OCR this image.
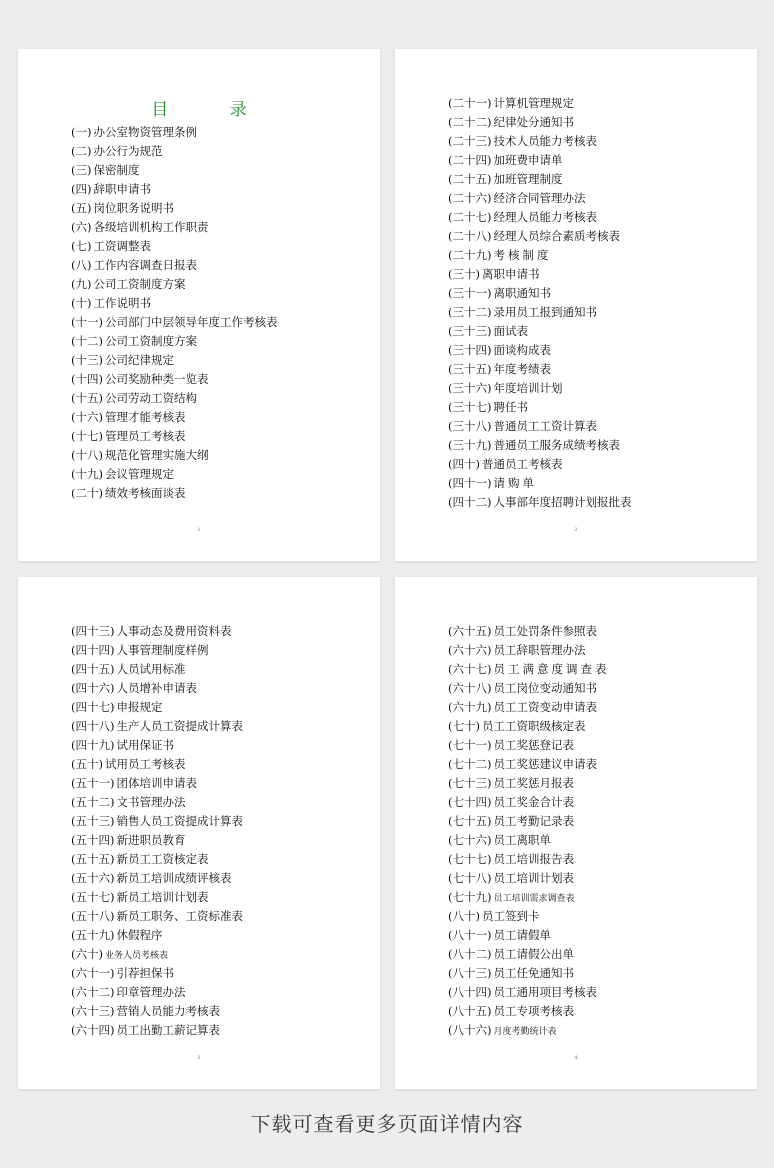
目 录
(一) 办公室物资管理条例
(二) 办公行为规范
(三) 保密制度
(四) 辞职申请书
(五) 岗位职务说明书
(六) 各级培训机构工作职责
(七) 工资调整表
(八) 工作内容调查日报表
(九) 公司工资制度方案
(十) 工作说明书
(十一) 公司部门中层领导年度工作考核表
(十二) 公司工资制度方案
(十三) 公司纪律规定
(十四) 公司奖励种类一览表
(十五) 公司劳动工资结构
(十六) 管理才能考核表
(十七) 管理员工考核表
(十八) 规范化管理实施大纲
(十九) 会议管理规定
(二十) 绩效考核面谈表
1
(二十一) 计算机管理规定
(二十二) 纪律处分通知书
(二十三) 技术人员能力考核表
(二十四) 加班费申请单
(二十五) 加班管理制度
(二十六) 经济合同管理办法
(二十七) 经理人员能力考核表
(二十八) 经理人员综合素质考核表
(二十九) 考核制度
(三十) 离职申请书
(三十一) 离职通知书
(三十二) 录用员工报到通知书
(三十三) 面试表
(三十四) 面谈构成表
(三十五) 年度考绩表
(三十六) 年度培训计划
(三十七) 聘任书
(三十八) 普通员工工资计算表
(三十九) 普通员工服务成绩考核表
(四十) 普通员工考核表
(四十一) 请购单
(四十二) 人事部年度招聘计划报批表
2
(四十三) 人事动态及费用资料表
(四十四) 人事管理制度样例
(四十五) 人员试用标准
(四十六) 人员增补申请表
(四十七) 申报规定
(四十八) 生产人员工资提成计算表
(四十九) 试用保证书
(五十) 试用员工考核表
(五十一) 团体培训申请表
(五十二) 文书管理办法
(五十三) 销售人员工资提成计算表
(五十四) 新进职员教育
(五十五) 新员工工资核定表
(五十六) 新员工培训成绩评核表
(五十七) 新员工培训计划表
(五十八) 新员工职务、工资标准表
(五十九) 休假程序
(六十) 业务人员考核表
(六十一) 引荐担保书
(六十二) 印章管理办法
(六十三) 营销人员能力考核表
(六十四) 员工出勤工薪记算表
3
(六十五) 员工处罚条件参照表
(六十六) 员工辞职管理办法
(六十七) 员工满意度调查表
(六十八) 员工岗位变动通知书
(六十九) 员工工资变动申请表
(七十) 员工工资职级核定表
(七十一) 员工奖惩登记表
(七十二) 员工奖惩建议申请表
(七十三) 员工奖惩月报表
(七十四) 员工奖金合计表
(七十五) 员工考勤记录表
(七十六) 员工离职单
(七十七) 员工培训报告表
(七十八) 员工培训计划表
(七十九) 员工培训需求调查表
(八十) 员工签到卡
(八十一) 员工请假单
(八十二) 员工请假公出单
(八十三) 员工任免通知书
(八十四) 员工通用项目考核表
(八十五) 员工专项考核表
(八十六) 月度考勤统计表
4
下载可查看更多页面详情内容
